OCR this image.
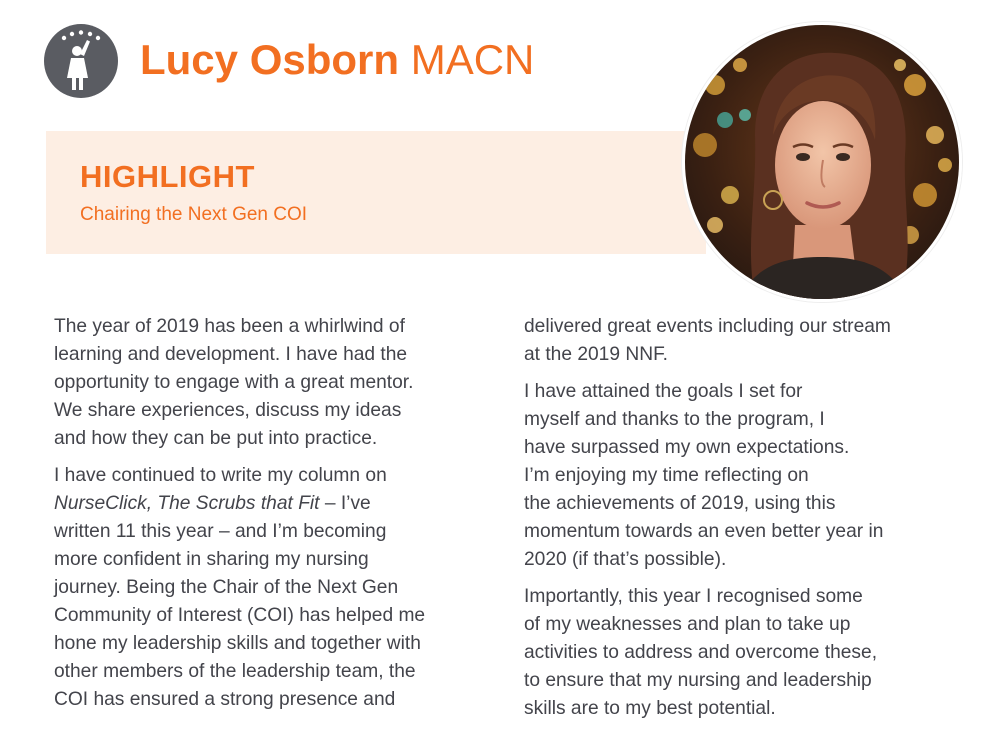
Lucy Osborn MACN
HIGHLIGHT
Chairing the Next Gen COI

The year of 2019 has been a whirlwind of
learning and development. I have had the
opportunity to engage with a great mentor.
We share experiences, discuss my ideas
and how they can be put into practice.

I have continued to write my column on
NurseClick, The Scrubs that Fit – I’ve
written 11 this year – and I’m becoming
more confident in sharing my nursing
journey. Being the Chair of the Next Gen
Community of Interest (COI) has helped me
hone my leadership skills and together with
other members of the leadership team, the
COI has ensured a strong presence and

delivered great events including our stream
at the 2019 NNF.

I have attained the goals I set for
myself and thanks to the program, I
have surpassed my own expectations.
I’m enjoying my time reflecting on
the achievements of 2019, using this
momentum towards an even better year in
2020 (if that’s possible).

Importantly, this year I recognised some
of my weaknesses and plan to take up
activities to address and overcome these,
to ensure that my nursing and leadership
skills are to my best potential.
